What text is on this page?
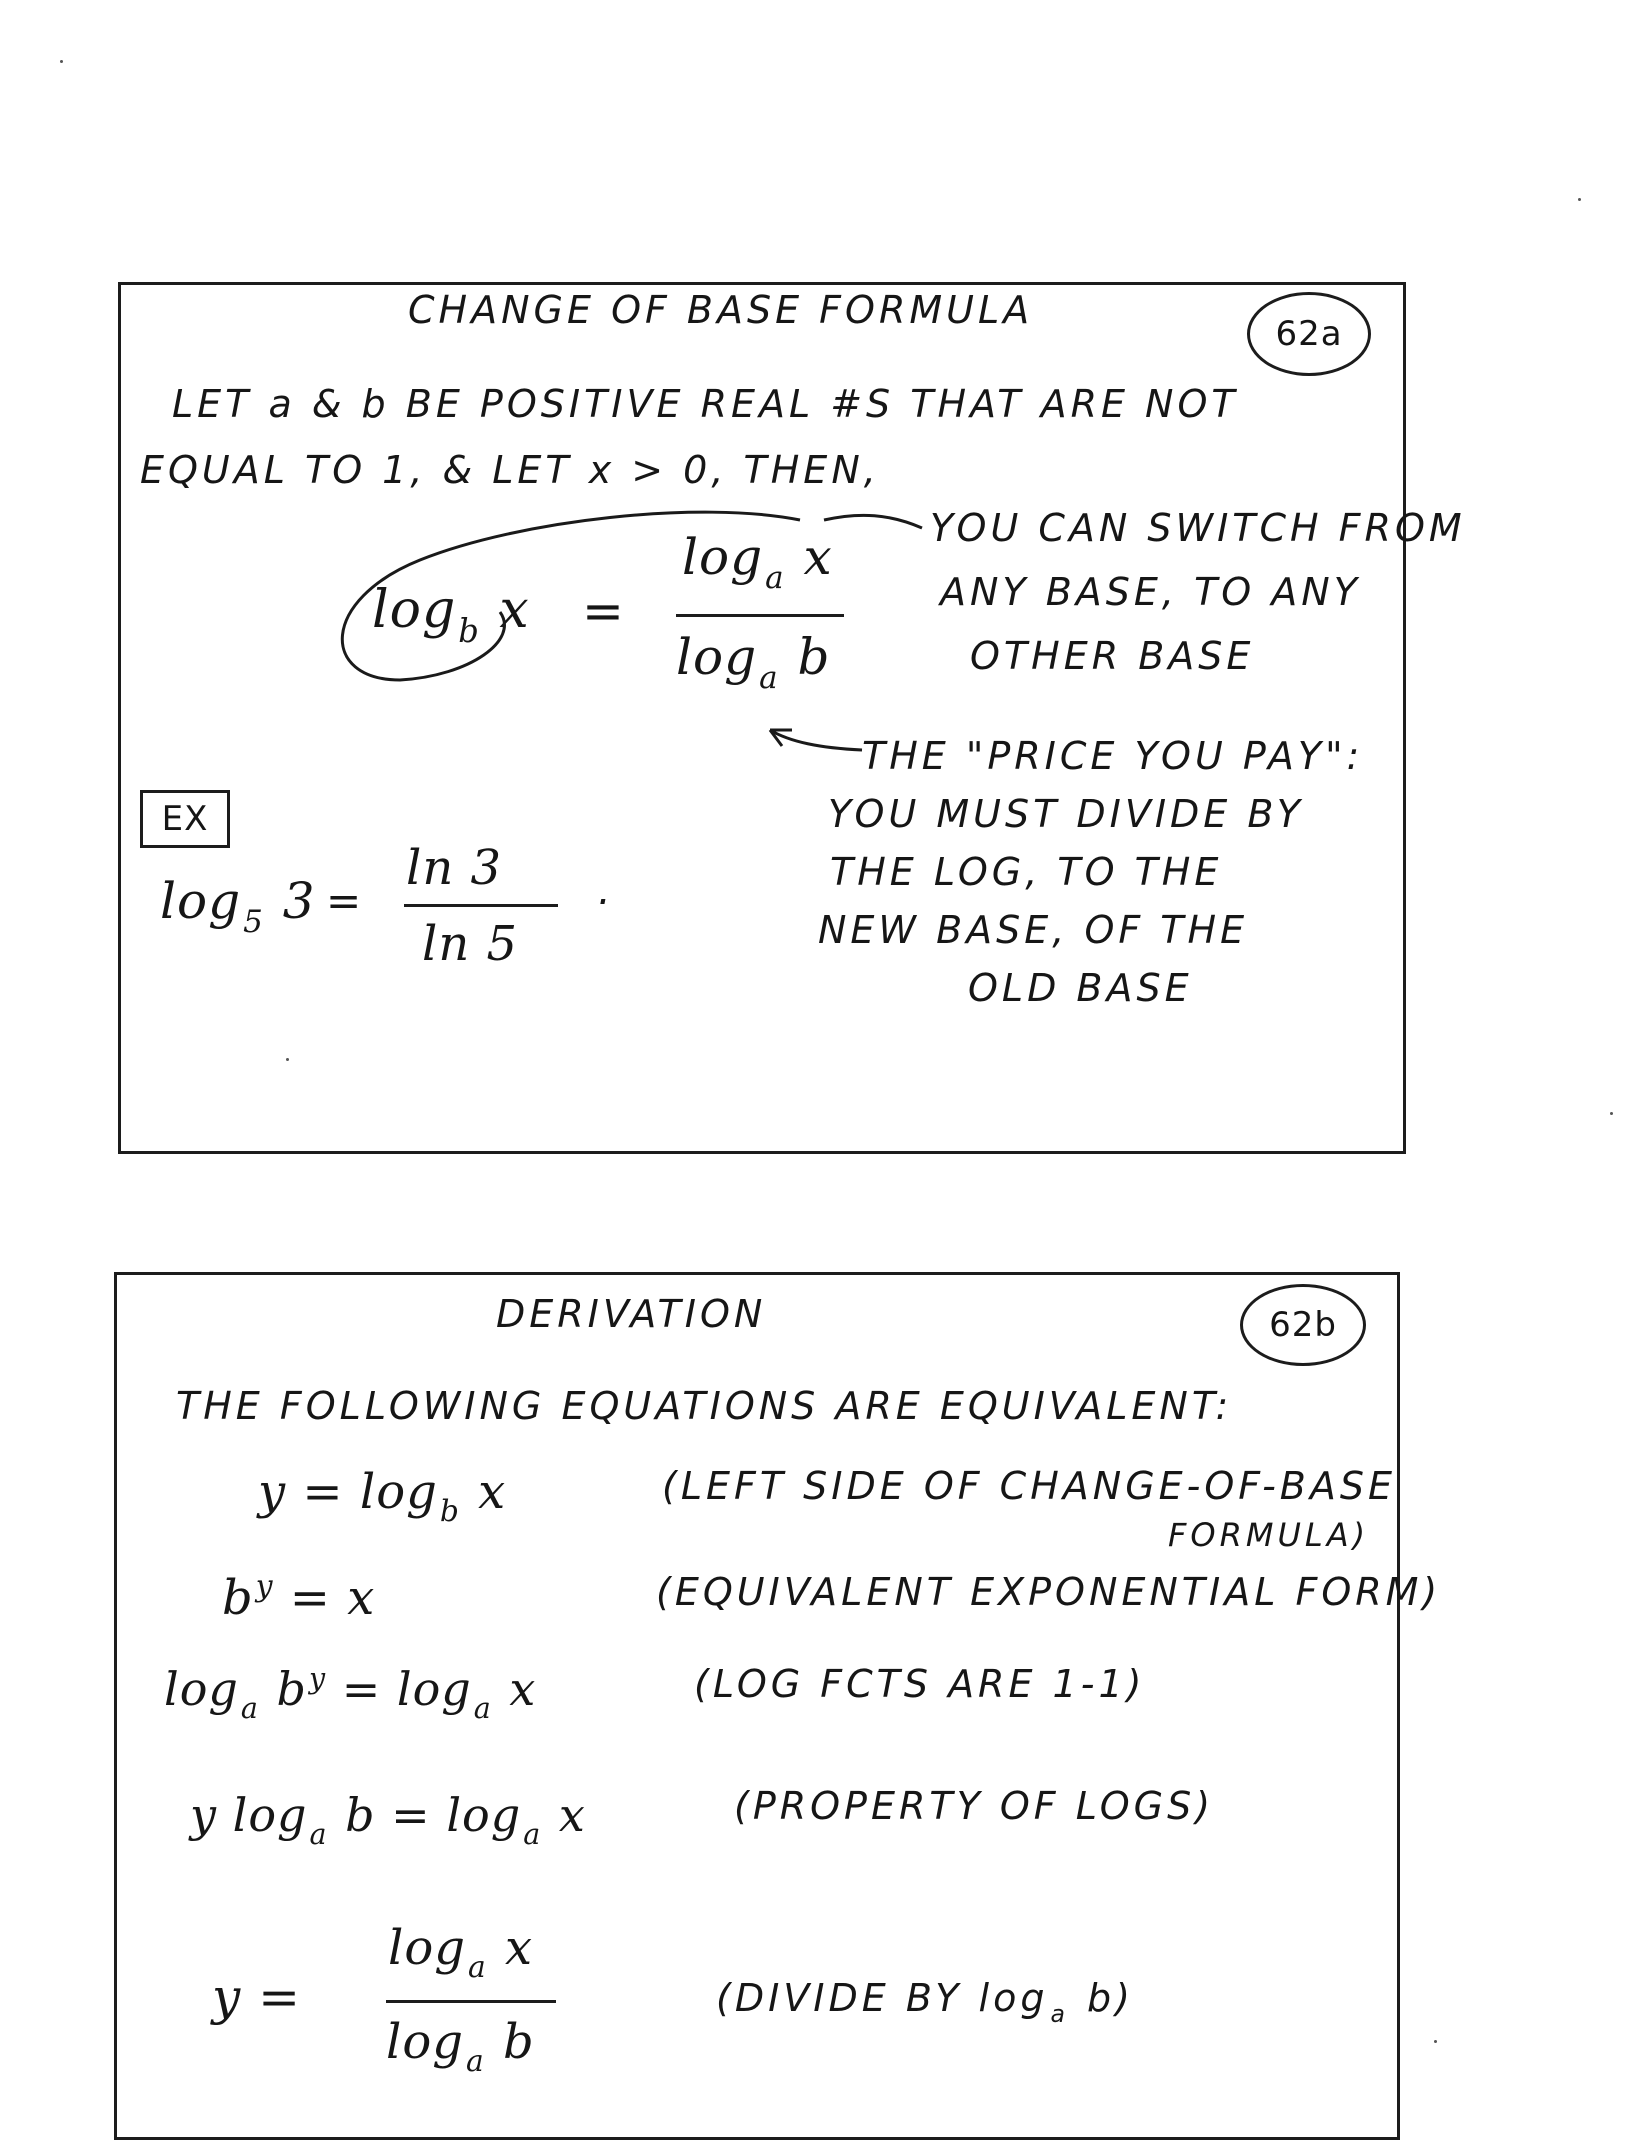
CHANGE OF BASE FORMULA
62a
LET a & b BE POSITIVE REAL #S THAT ARE NOT
EQUAL TO 1, & LET x > 0, THEN,
$\log_b x$ =
$\log_a x$
$\log_a b$
YOU CAN SWITCH FROM
ANY BASE, TO ANY
OTHER BASE
THE "PRICE YOU PAY":
YOU MUST DIVIDE BY
THE LOG, TO THE
NEW BASE, OF THE
OLD BASE
EX
$\log_5 3$ =
ln 3
ln 5
.
DERIVATION	62b
THE FOLLOWING EQUATIONS ARE EQUIVALENT:
$y = \log_b x$	(LEFT SIDE OF CHANGE-OF-BASE
FORMULA)
$b^y = x$	(EQUIVALENT EXPONENTIAL FORM)
$\log_a b^y = \log_a x$	(LOG FCTS ARE 1-1)
y $\log_a b = \log_a x$	(PROPERTY OF LOGS)
y =
$\log_a x$
$\log_a b$
(DIVIDE BY $\log_a b$)
